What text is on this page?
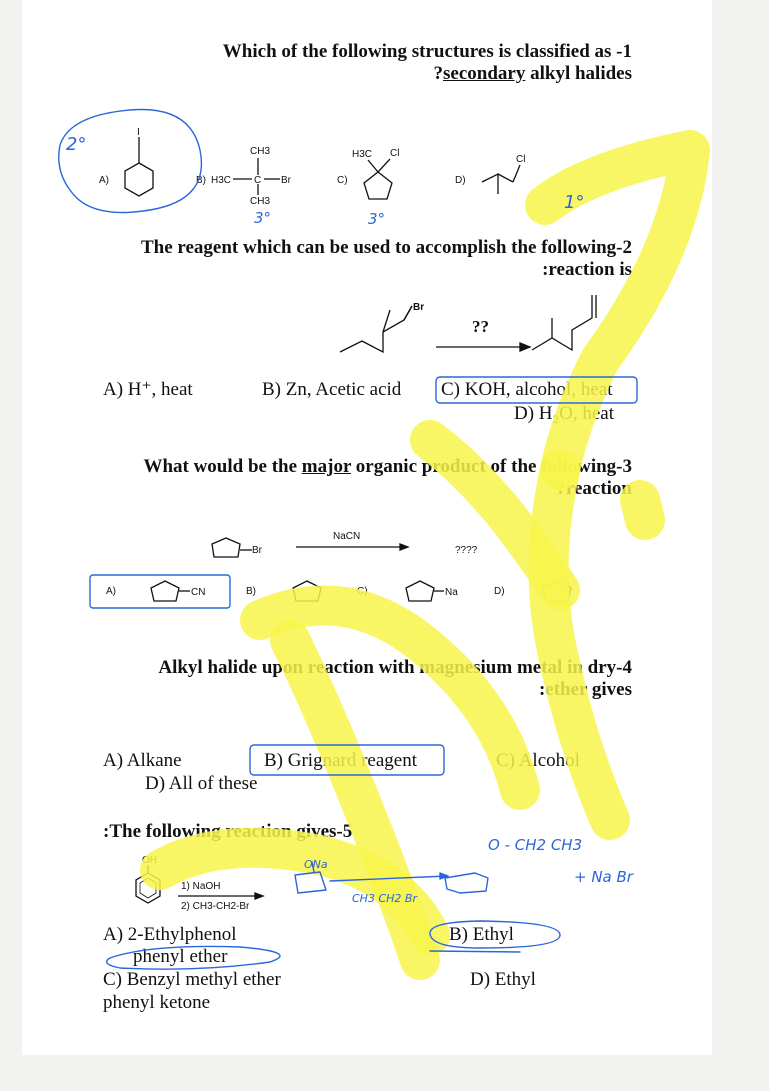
Which of the following structures is classified as -1
?secondary alkyl halides
A)
I
B)
CH3
H3C C Br
CH3
C)
H3C Cl
D)
Cl
The reagent which can be used to accomplish the following-2
:reaction is
Br
??
A) H⁺, heat	B) Zn, Acetic acid C) KOH, alcohol, heat
D) H₂O, heat
What would be the major organic product of the following-3
?reaction
Br
NaCN
????
A)	CN	B)	C)	Na	D)
Alkyl halide upon reaction with magnesium metal in dry-4
:ether gives
A) Alkane	B) Grignard reagent	C) Alcohol
D) All of these
:The following reaction gives-5
OH
1) NaOH
2) CH3-CH2-Br
A) 2-Ethylphenol
phenyl ether
B) Ethyl
C) Benzyl methyl ether
phenyl ketone
D) Ethyl
2°
3°	3°
1°
ONa
CH3 CH2 Br
O - CH2 CH3
+ Na Br
